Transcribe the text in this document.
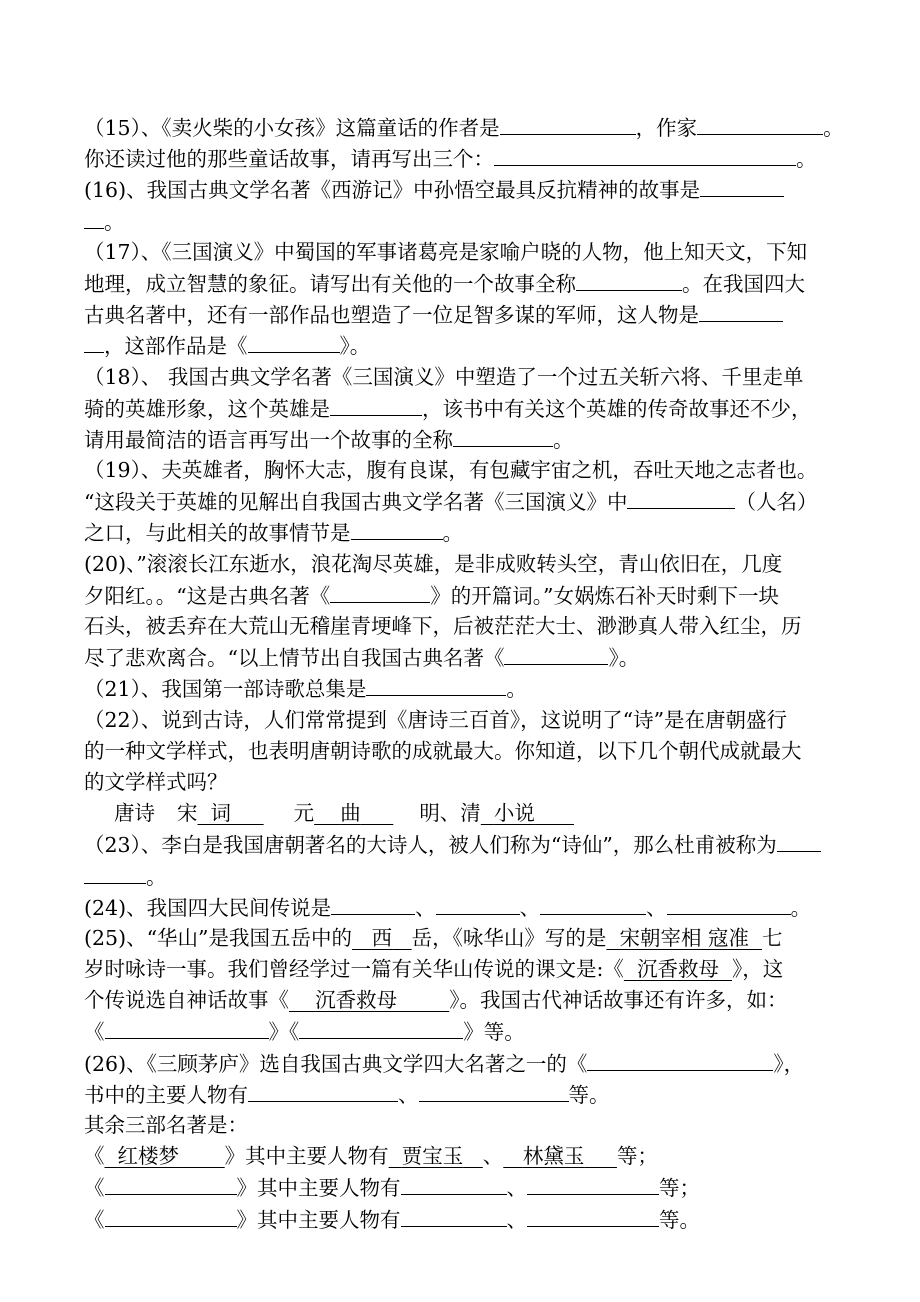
（15）、《卖火柴的小女孩》这篇童话的作者是	，作家	。
你还读过他的那些童话故事，请再写出三个：	。
(16)、我国古典文学名著《西游记》中孙悟空最具反抗精神的故事是
。
（17）、《三国演义》中蜀国的军事诸葛亮是家喻户晓的人物，他上知天文，下知
地理，成立智慧的象征。请写出有关他的一个故事全称	。在我国四大
古典名著中，还有一部作品也塑造了一位足智多谋的军师，这人物是
，这部作品是《	》。
（18）、 我国古典文学名著《三国演义》中塑造了一个过五关斩六将、千里走单
骑的英雄形象，这个英雄是	，该书中有关这个英雄的传奇故事还不少，
请用最简洁的语言再写出一个故事的全称	。
（19）、夫英雄者，胸怀大志，腹有良谋，有包藏宇宙之机，吞吐天地之志者也。
“这段关于英雄的见解出自我国古典文学名著《三国演义》中	（人名）
之口，与此相关的故事情节是	。
(20)、”滚滚长江东逝水，浪花淘尽英雄，是非成败转头空，青山依旧在，几度
夕阳红。。“这是古典名著《	》的开篇词。”女娲炼石补天时剩下一块
石头，被丢弃在大荒山无稽崖青埂峰下，后被茫茫大士、渺渺真人带入红尘，历
尽了悲欢离合。“以上情节出自我国古典名著《	》。
（21）、我国第一部诗歌总集是	。
（22）、说到古诗，人们常常提到《唐诗三百首》，这说明了“诗”是在唐朝盛行
的一种文学样式，也表明唐朝诗歌的成就最大。你知道，以下几个朝代成就最大
的文学样式吗？
唐诗 宋 词	元 曲	明、清 小说
（23）、李白是我国唐朝著名的大诗人，被人们称为“诗仙”，那么杜甫被称为
。
(24)、我国四大民间传说是	、	、	、	。
(25)、“华山”是我国五岳中的 西 岳，《咏华山》写的是 宋朝宰相 寇准 七
岁时咏诗一事。我们曾经学过一篇有关华山传说的课文是:《 沉香救母 》，这
个传说选自神话故事《 沉香救母	》。我国古代神话故事还有许多，如：
《	》《	》等。
(26)、《三顾茅庐》选自我国古典文学四大名著之一的《	》，
书中的主要人物有	、	等。
其余三部名著是：
《 红楼梦 》其中主要人物有 贾宝玉 、 林黛玉 等；
《	》其中主要人物有	、	等；
《	》其中主要人物有	、	等。
